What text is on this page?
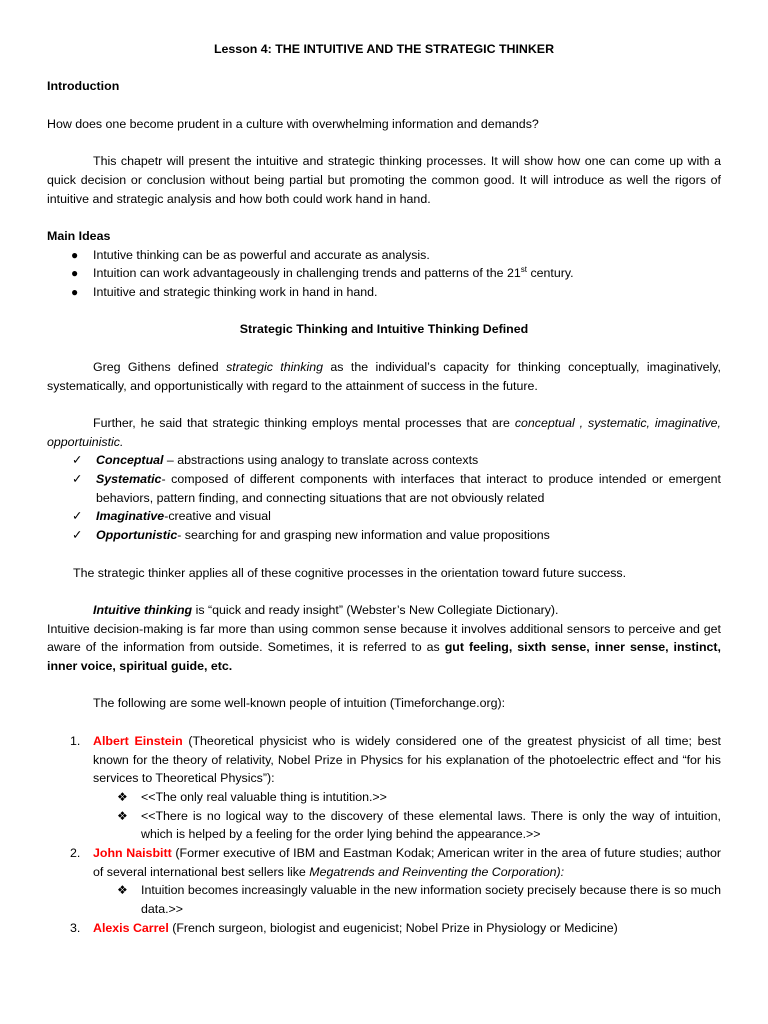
Lesson 4: THE INTUITIVE AND THE STRATEGIC THINKER

Introduction

How does one become prudent in a culture with overwhelming information and demands?

This chapetr will present the intuitive and strategic thinking processes. It will show how one can come up with a quick decision or conclusion without being partial but promoting the common good. It will introduce as well the rigors of intuitive and strategic analysis and how both could work hand in hand.

Main Ideas

● Intutive thinking can be as powerful and accurate as analysis.
● Intuition can work advantageously in challenging trends and patterns of the 21st century.
● Intuitive and strategic thinking work in hand in hand.

Strategic Thinking and Intuitive Thinking Defined

Greg Githens defined strategic thinking as the individual’s capacity for thinking conceptually, imaginatively, systematically, and opportunistically with regard to the attainment of success in the future.

Further, he said that strategic thinking employs mental processes that are conceptual , systematic, imaginative, opportuinistic.

✓ Conceptual – abstractions using analogy to translate across contexts
✓ Systematic- composed of different components with interfaces that interact to produce intended or emergent behaviors, pattern finding, and connecting situations that are not obviously related
✓ Imaginative-creative and visual
✓ Opportunistic- searching for and grasping new information and value propositions

The strategic thinker applies all of these cognitive processes in the orientation toward future success.

Intuitive thinking is “quick and ready insight” (Webster’s New Collegiate Dictionary).

Intuitive decision-making is far more than using common sense because it involves additional sensors to perceive and get aware of the information from outside. Sometimes, it is referred to as gut feeling, sixth sense, inner sense, instinct, inner voice, spiritual guide, etc.

The following are some well-known people of intuition (Timeforchange.org):

1. Albert Einstein (Theoretical physicist who is widely considered one of the greatest physicist of all time; best known for the theory of relativity, Nobel Prize in Physics for his explanation of the photoelectric effect and “for his services to Theoretical Physics”):
❖ <<The only real valuable thing is intutition.>>
❖ <<There is no logical way to the discovery of these elemental laws. There is only the way of intuition, which is helped by a feeling for the order lying behind the appearance.>>
2. John Naisbitt (Former executive of IBM and Eastman Kodak; American writer in the area of future studies; author of several international best sellers like Megatrends and Reinventing the Corporation):
❖ Intuition becomes increasingly valuable in the new information society precisely because there is so much data.>>
3. Alexis Carrel (French surgeon, biologist and eugenicist; Nobel Prize in Physiology or Medicine)
